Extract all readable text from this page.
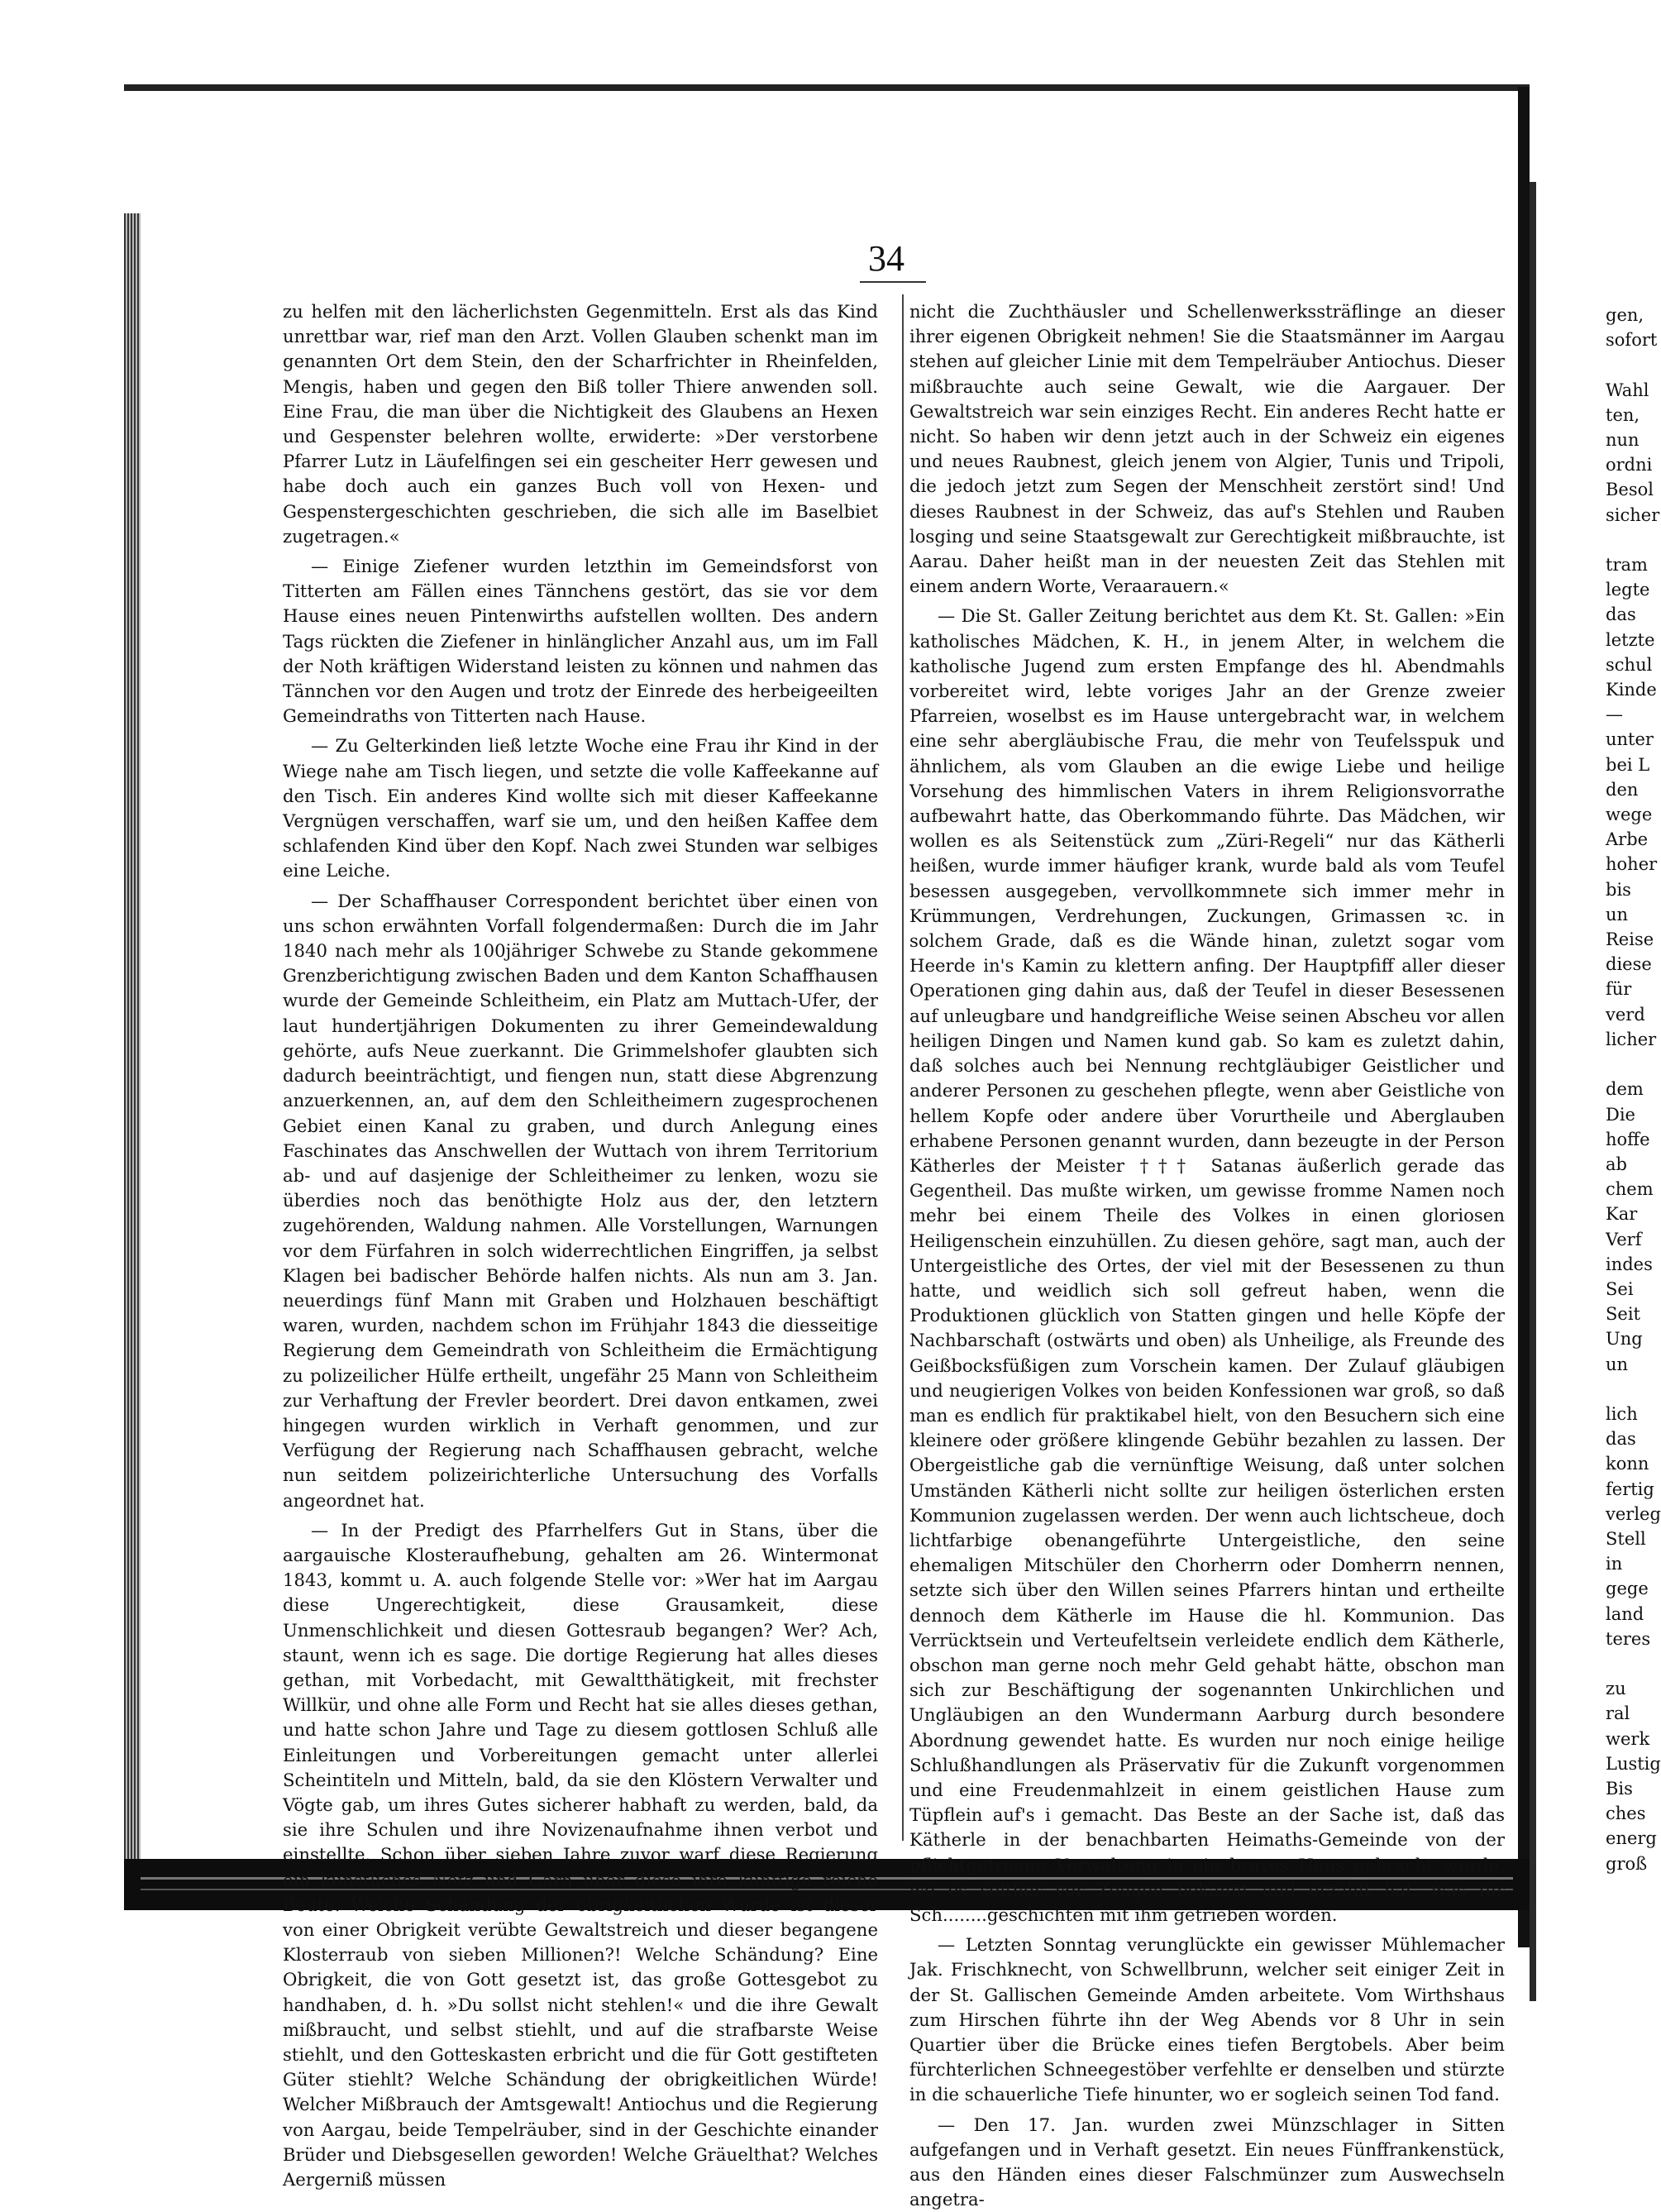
34

zu helfen mit den lächerlichsten Gegenmitteln. Erst als das Kind unrettbar war, rief man den Arzt. Vollen Glauben schenkt man im genannten Ort dem Stein, den der Scharfrichter in Rheinfelden, Mengis, haben und gegen den Biß toller Thiere anwenden soll. Eine Frau, die man über die Nichtigkeit des Glaubens an Hexen und Gespenster belehren wollte, erwiderte: »Der verstorbene Pfarrer Lutz in Läufelfingen sei ein gescheiter Herr gewesen und habe doch auch ein ganzes Buch voll von Hexen- und Gespenstergeschichten geschrieben, die sich alle im Baselbiet zugetragen.«

— Einige Ziefener wurden letzthin im Gemeindsforst von Titterten am Fällen eines Tännchens gestört, das sie vor dem Hause eines neuen Pintenwirths aufstellen wollten. Des andern Tags rückten die Ziefener in hinlänglicher Anzahl aus, um im Fall der Noth kräftigen Widerstand leisten zu können und nahmen das Tännchen vor den Augen und trotz der Einrede des herbeigeeilten Gemeindraths von Titterten nach Hause.

— Zu Gelterkinden ließ letzte Woche eine Frau ihr Kind in der Wiege nahe am Tisch liegen, und setzte die volle Kaffeekanne auf den Tisch. Ein anderes Kind wollte sich mit dieser Kaffeekanne Vergnügen verschaffen, warf sie um, und den heißen Kaffee dem schlafenden Kind über den Kopf. Nach zwei Stunden war selbiges eine Leiche.

— Der Schaffhauser Correspondent berichtet über einen von uns schon erwähnten Vorfall folgendermaßen: Durch die im Jahr 1840 nach mehr als 100jähriger Schwebe zu Stande gekommene Grenzberichtigung zwischen Baden und dem Kanton Schaffhausen wurde der Gemeinde Schleitheim, ein Platz am Muttach-Ufer, der laut hundertjährigen Dokumenten zu ihrer Gemeindewaldung gehörte, aufs Neue zuerkannt. Die Grimmelshofer glaubten sich dadurch beeinträchtigt, und fiengen nun, statt diese Abgrenzung anzuerkennen, an, auf dem den Schleitheimern zugesprochenen Gebiet einen Kanal zu graben, und durch Anlegung eines Faschinates das Anschwellen der Wuttach von ihrem Territorium ab- und auf dasjenige der Schleitheimer zu lenken, wozu sie überdies noch das benöthigte Holz aus der, den letztern zugehörenden, Waldung nahmen. Alle Vorstellungen, Warnungen vor dem Fürfahren in solch widerrechtlichen Eingriffen, ja selbst Klagen bei badischer Behörde halfen nichts. Als nun am 3. Jan. neuerdings fünf Mann mit Graben und Holzhauen beschäftigt waren, wurden, nachdem schon im Frühjahr 1843 die diesseitige Regierung dem Gemeindrath von Schleitheim die Ermächtigung zu polizeilicher Hülfe ertheilt, ungefähr 25 Mann von Schleitheim zur Verhaftung der Frevler beordert. Drei davon entkamen, zwei hingegen wurden wirklich in Verhaft genommen, und zur Verfügung der Regierung nach Schaffhausen gebracht, welche nun seitdem polizeirichterliche Untersuchung des Vorfalls angeordnet hat.

— In der Predigt des Pfarrhelfers Gut in Stans, über die aargauische Klosteraufhebung, gehalten am 26. Wintermonat 1843, kommt u. A. auch folgende Stelle vor: »Wer hat im Aargau diese Ungerechtigkeit, diese Grausamkeit, diese Unmenschlichkeit und diesen Gottesraub begangen? Wer? Ach, staunt, wenn ich es sage. Die dortige Regierung hat alles dieses gethan, mit Vorbedacht, mit Gewaltthätigkeit, mit frechster Willkür, und ohne alle Form und Recht hat sie alles dieses gethan, und hatte schon Jahre und Tage zu diesem gottlosen Schluß alle Einleitungen und Vorbereitungen gemacht unter allerlei Scheintiteln und Mitteln, bald, da sie den Klöstern Verwalter und Vögte gab, um ihres Gutes sicherer habhaft zu werden, bald, da sie ihre Schulen und ihre Novizenaufnahme ihnen verbot und einstellte. Schon über sieben Jahre zuvor warf diese Regierung ein künstliches Netz und Garn über diese ihre künftige reiche Beute. Welche Schändung der obrigkeitlichen Würde ist dieser von einer Obrigkeit verübte Gewaltstreich und dieser begangene Klosterraub von sieben Millionen?! Welche Schändung? Eine Obrigkeit, die von Gott gesetzt ist, das große Gottesgebot zu handhaben, d. h. »Du sollst nicht stehlen!« und die ihre Gewalt mißbraucht, und selbst stiehlt, und auf die strafbarste Weise stiehlt, und den Gotteskasten erbricht und die für Gott gestifteten Güter stiehlt? Welche Schändung der obrigkeitlichen Würde! Welcher Mißbrauch der Amtsgewalt! Antiochus und die Regierung von Aargau, beide Tempelräuber, sind in der Geschichte einander Brüder und Diebsgesellen geworden! Welche Gräuelthat? Welches Aergerniß müssen

nicht die Zuchthäusler und Schellenwerkssträflinge an dieser ihrer eigenen Obrigkeit nehmen! Sie die Staatsmänner im Aargau stehen auf gleicher Linie mit dem Tempelräuber Antiochus. Dieser mißbrauchte auch seine Gewalt, wie die Aargauer. Der Gewaltstreich war sein einziges Recht. Ein anderes Recht hatte er nicht. So haben wir denn jetzt auch in der Schweiz ein eigenes und neues Raubnest, gleich jenem von Algier, Tunis und Tripoli, die jedoch jetzt zum Segen der Menschheit zerstört sind! Und dieses Raubnest in der Schweiz, das auf's Stehlen und Rauben losging und seine Staatsgewalt zur Gerechtigkeit mißbrauchte, ist Aarau. Daher heißt man in der neuesten Zeit das Stehlen mit einem andern Worte, Veraarauern.«

— Die St. Galler Zeitung berichtet aus dem Kt. St. Gallen: »Ein katholisches Mädchen, K. H., in jenem Alter, in welchem die katholische Jugend zum ersten Empfange des hl. Abendmahls vorbereitet wird, lebte voriges Jahr an der Grenze zweier Pfarreien, woselbst es im Hause untergebracht war, in welchem eine sehr abergläubische Frau, die mehr von Teufelsspuk und ähnlichem, als vom Glauben an die ewige Liebe und heilige Vorsehung des himmlischen Vaters in ihrem Religionsvorrathe aufbewahrt hatte, das Oberkommando führte. Das Mädchen, wir wollen es als Seitenstück zum „Züri-Regeli“ nur das Kätherli heißen, wurde immer häufiger krank, wurde bald als vom Teufel besessen ausgegeben, vervollkommnete sich immer mehr in Krümmungen, Verdrehungen, Zuckungen, Grimassen ꝛc. in solchem Grade, daß es die Wände hinan, zuletzt sogar vom Heerde in's Kamin zu klettern anfing. Der Hauptpfiff aller dieser Operationen ging dahin aus, daß der Teufel in dieser Besessenen auf unleugbare und handgreifliche Weise seinen Abscheu vor allen heiligen Dingen und Namen kund gab. So kam es zuletzt dahin, daß solches auch bei Nennung rechtgläubiger Geistlicher und anderer Personen zu geschehen pflegte, wenn aber Geistliche von hellem Kopfe oder andere über Vorurtheile und Aberglauben erhabene Personen genannt wurden, dann bezeugte in der Person Kätherles der Meister ††† Satanas äußerlich gerade das Gegentheil. Das mußte wirken, um gewisse fromme Namen noch mehr bei einem Theile des Volkes in einen gloriosen Heiligenschein einzuhüllen. Zu diesen gehöre, sagt man, auch der Untergeistliche des Ortes, der viel mit der Besessenen zu thun hatte, und weidlich sich soll gefreut haben, wenn die Produktionen glücklich von Statten gingen und helle Köpfe der Nachbarschaft (ostwärts und oben) als Unheilige, als Freunde des Geißbocksfüßigen zum Vorschein kamen. Der Zulauf gläubigen und neugierigen Volkes von beiden Konfessionen war groß, so daß man es endlich für praktikabel hielt, von den Besuchern sich eine kleinere oder größere klingende Gebühr bezahlen zu lassen. Der Obergeistliche gab die vernünftige Weisung, daß unter solchen Umständen Kätherli nicht sollte zur heiligen österlichen ersten Kommunion zugelassen werden. Der wenn auch lichtscheue, doch lichtfarbige obenangeführte Untergeistliche, den seine ehemaligen Mitschüler den Chorherrn oder Domherrn nennen, setzte sich über den Willen seines Pfarrers hintan und ertheilte dennoch dem Kätherle im Hause die hl. Kommunion. Das Verrücktsein und Verteufeltsein verleidete endlich dem Kätherle, obschon man gerne noch mehr Geld gehabt hätte, obschon man sich zur Beschäftigung der sogenannten Unkirchlichen und Ungläubigen an den Wundermann Aarburg durch besondere Abordnung gewendet hatte. Es wurden nur noch einige heilige Schlußhandlungen als Präservativ für die Zukunft vorgenommen und eine Freudenmahlzeit in einem geistlichen Hause zum Tüpflein auf's i gemacht. Das Beste an der Sache ist, daß das Kätherle in der benachbarten Heimaths-Gemeinde von der pflichtgetreuen Verwaltung in ein braves Haus gebracht wurde, wo es seither vor Zeugen bekannt und erzählt hat, was für Sch........geschichten mit ihm getrieben worden.

— Letzten Sonntag verunglückte ein gewisser Mühlemacher Jak. Frischknecht, von Schwellbrunn, welcher seit einiger Zeit in der St. Gallischen Gemeinde Amden arbeitete. Vom Wirthshaus zum Hirschen führte ihn der Weg Abends vor 8 Uhr in sein Quartier über die Brücke eines tiefen Bergtobels. Aber beim fürchterlichen Schneegestöber verfehlte er denselben und stürzte in die schauerliche Tiefe hinunter, wo er sogleich seinen Tod fand.

— Den 17. Jan. wurden zwei Münzschlager in Sitten aufgefangen und in Verhaft gesetzt. Ein neues Fünffrankenstück, aus den Händen eines dieser Falschmünzer zum Auswechseln angetra-

gen,
sofort

Wahl
ten,
nun
ordni
Besol
sicher

tram
legte
das
letzte
schul
Kinde
—
unter
bei L
den
wege
Arbe
hoher
bis
un
Reise
diese
für
verd
licher

dem
Die
hoffe
ab
chem
Kar
Verf
indes
Sei
Seit
Ung
un

lich
das
konn
fertig
verleg
Stell
in
gege
land
teres

zu
ral
werk
Lustig
Bis
ches
energ
groß
